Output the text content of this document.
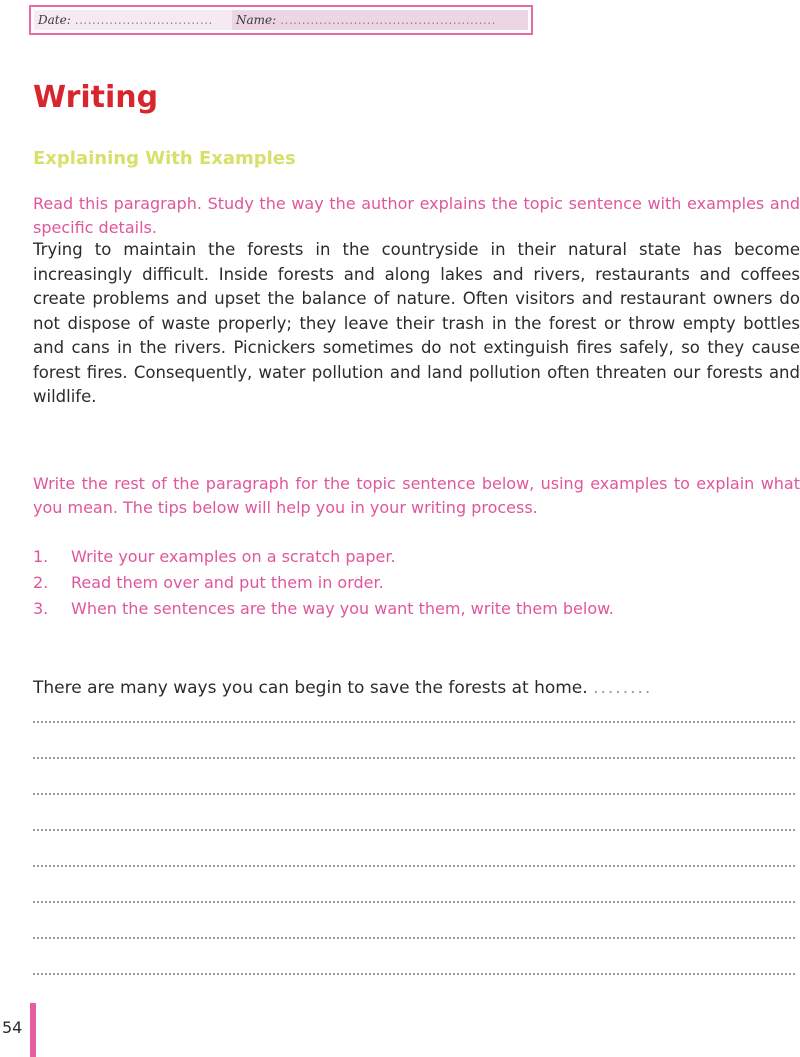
Date: ................................ Name: ..................................................
Writing
Explaining With Examples

Read this paragraph. Study the way the author explains the topic sentence with examples and specific details.

Trying to maintain the forests in the countryside in their natural state has become increasingly difficult. Inside forests and along lakes and rivers, restaurants and coffees create problems and upset the balance of nature. Often visitors and restaurant owners do not dispose of waste properly; they leave their trash in the forest or throw empty bottles and cans in the rivers. Picnickers sometimes do not extinguish fires safely, so they cause forest fires. Consequently, water pollution and land pollution often threaten our forests and wildlife.

Write the rest of the paragraph for the topic sentence below, using examples to explain what you mean. The tips below will help you in your writing process.

1.	Write your examples on a scratch paper.
2.	Read them over and put them in order.
3.	When the sentences are the way you want them, write them below.
There are many ways you can begin to save the forests at home. ........
54
